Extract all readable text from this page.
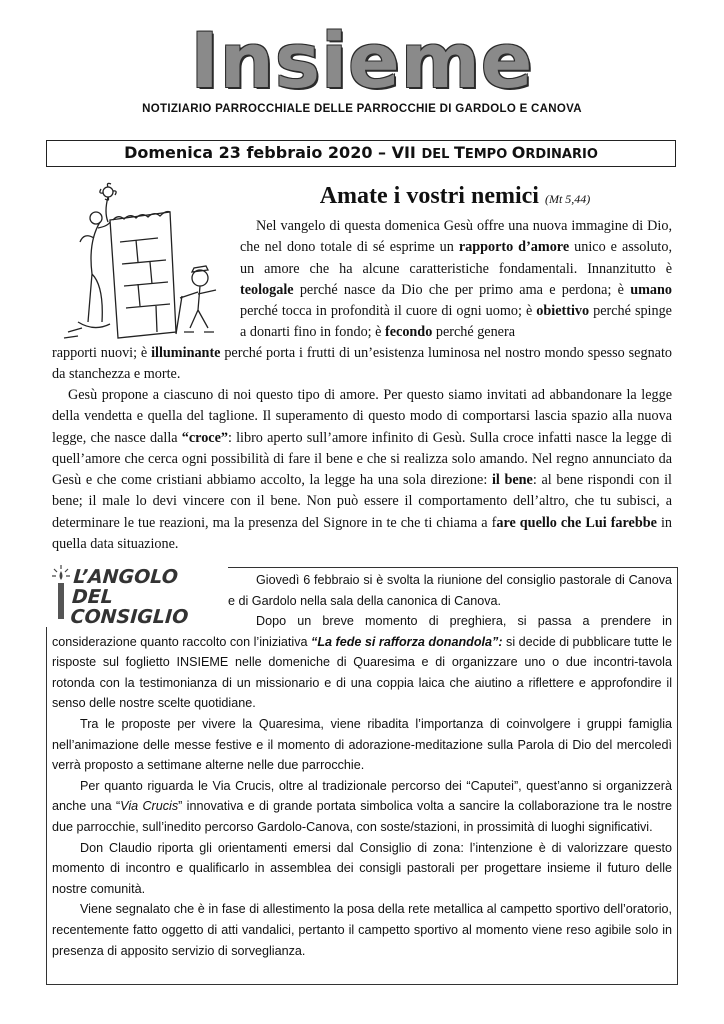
Insieme
NOTIZIARIO PARROCCHIALE DELLE PARROCCHIE DI GARDOLO E CANOVA
Domenica 23 febbraio 2020 – VII DEL TEMPO ORDINARIO
Amate i vostri nemici (Mt 5,44)

Nel vangelo di questa domenica Gesù offre una nuova immagine di Dio, che nel dono totale di sé esprime un rapporto d’amore unico e assoluto, un amore che ha alcune caratteristiche fondamentali. Innanzitutto è teologale perché nasce da Dio che per primo ama e perdona; è umano perché tocca in profondità il cuore di ogni uomo; è obiettivo perché spinge a donarti fino in fondo; è fecondo perché genera

rapporti nuovi; è illuminante perché porta i frutti di un’esistenza luminosa nel nostro mondo spesso segnato da stanchezza e morte.

Gesù propone a ciascuno di noi questo tipo di amore. Per questo siamo invitati ad abbandonare la legge della vendetta e quella del taglione. Il superamento di questo modo di comportarsi lascia spazio alla nuova legge, che nasce dalla “croce”: libro aperto sull’amore infinito di Gesù. Sulla croce infatti nasce la legge di quell’amore che cerca ogni possibilità di fare il bene e che si realizza solo amando. Nel regno annunciato da Gesù e che come cristiani abbiamo accolto, la legge ha una sola direzione: il bene: al bene rispondi con il bene; il male lo devi vincere con il bene. Non può essere il comportamento dell’altro, che tu subisci, a determinare le tue reazioni, ma la presenza del Signore in te che ti chiama a fare quello che Lui farebbe in quella data situazione.

L’ANGOLO
DEL CONSIGLIO

Giovedì 6 febbraio si è svolta la riunione del consiglio pastorale di Canova e di Gardolo nella sala della canonica di Canova.

Dopo un breve momento di preghiera, si passa a prendere in considerazione quanto raccolto con l’iniziativa “La fede si rafforza donandola”: si decide di pubblicare tutte le risposte sul foglietto INSIEME nelle domeniche di Quaresima e di organizzare uno o due incontri-tavola rotonda con la testimonianza di un missionario e di una coppia laica che aiutino a riflettere e approfondire il senso delle nostre scelte quotidiane.

Tra le proposte per vivere la Quaresima, viene ribadita l’importanza di coinvolgere i gruppi famiglia nell’animazione delle messe festive e il momento di adorazione-meditazione sulla Parola di Dio del mercoledì verrà proposto a settimane alterne nelle due parrocchie.

Per quanto riguarda le Via Crucis, oltre al tradizionale percorso dei “Caputei”, quest’anno si organizzerà anche una “Via Crucis” innovativa e di grande portata simbolica volta a sancire la collaborazione tra le nostre due parrocchie, sull’inedito percorso Gardolo-Canova, con soste/stazioni, in prossimità di luoghi significativi.

Don Claudio riporta gli orientamenti emersi dal Consiglio di zona: l’intenzione è di valorizzare questo momento di incontro e qualificarlo in assemblea dei consigli pastorali per progettare insieme il futuro delle nostre comunità.

Viene segnalato che è in fase di allestimento la posa della rete metallica al campetto sportivo dell’oratorio, recentemente fatto oggetto di atti vandalici, pertanto il campetto sportivo al momento viene reso agibile solo in presenza di apposito servizio di sorveglianza.
